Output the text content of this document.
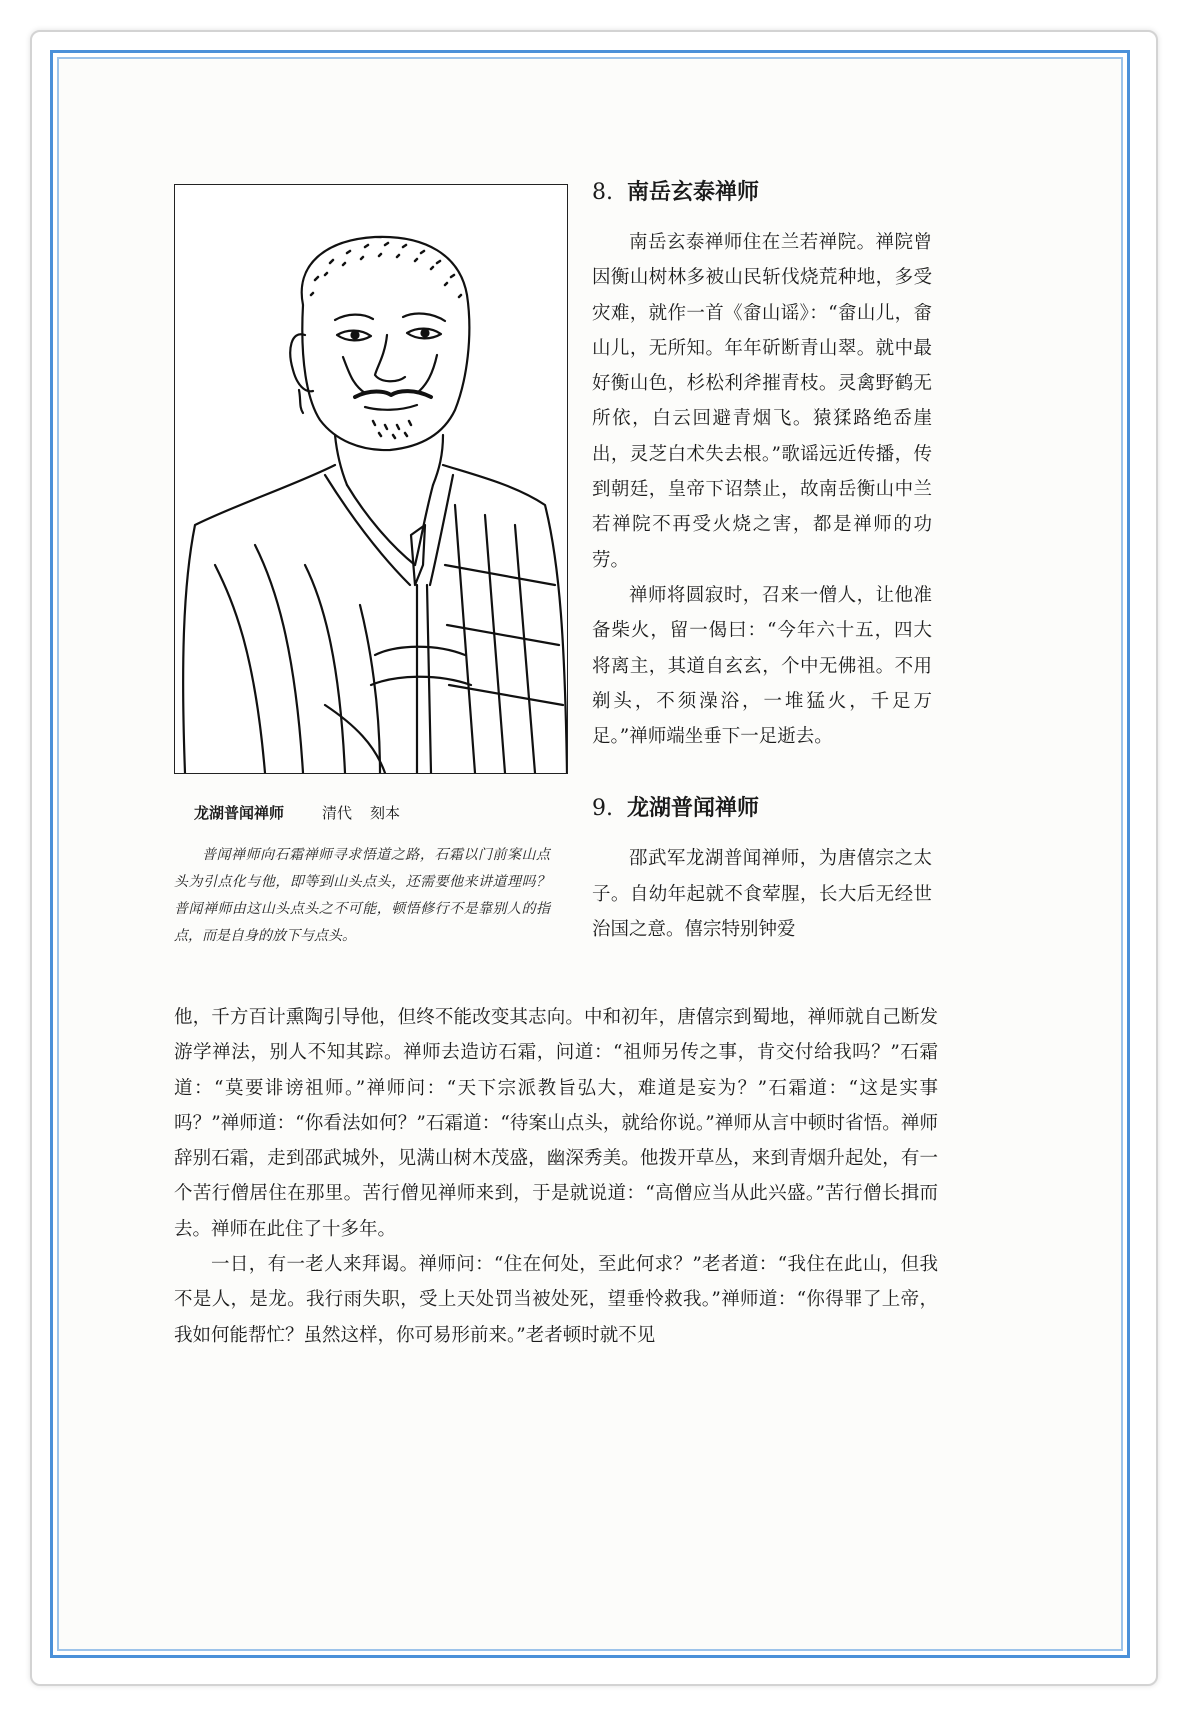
龙湖普闻禅师	清代 刻本

普闻禅师向石霜禅师寻求悟道之路，石霜以门前案山点头为引点化与他，即等到山头点头，还需要他来讲道理吗？普闻禅师由这山头点头之不可能，顿悟修行不是靠别人的指点，而是自身的放下与点头。

8. 南岳玄泰禅师

南岳玄泰禅师住在兰若禅院。禅院曾因衡山树林多被山民斩伐烧荒种地，多受灾难，就作一首《畲山谣》：“畲山儿，畲山儿，无所知。年年斫断青山翠。就中最好衡山色，杉松利斧摧青枝。灵禽野鹤无所依，白云回避青烟飞。猿猱路绝岙崖出，灵芝白术失去根。”歌谣远近传播，传到朝廷，皇帝下诏禁止，故南岳衡山中兰若禅院不再受火烧之害，都是禅师的功劳。

禅师将圆寂时，召来一僧人，让他准备柴火，留一偈曰：“今年六十五，四大将离主，其道自玄玄，个中无佛祖。不用剃头，不须澡浴，一堆猛火，千足万足。”禅师端坐垂下一足逝去。

9. 龙湖普闻禅师

邵武军龙湖普闻禅师，为唐僖宗之太子。自幼年起就不食荤腥，长大后无经世治国之意。僖宗特别钟爱

他，千方百计熏陶引导他，但终不能改变其志向。中和初年，唐僖宗到蜀地，禅师就自己断发游学禅法，别人不知其踪。禅师去造访石霜，问道：“祖师另传之事，肯交付给我吗？”石霜道：“莫要诽谤祖师。”禅师问：“天下宗派教旨弘大，难道是妄为？”石霜道：“这是实事吗？”禅师道：“你看法如何？”石霜道：“待案山点头，就给你说。”禅师从言中顿时省悟。禅师辞别石霜，走到邵武城外，见满山树木茂盛，幽深秀美。他拨开草丛，来到青烟升起处，有一个苦行僧居住在那里。苦行僧见禅师来到，于是就说道：“高僧应当从此兴盛。”苦行僧长揖而去。禅师在此住了十多年。

一日，有一老人来拜谒。禅师问：“住在何处，至此何求？”老者道：“我住在此山，但我不是人，是龙。我行雨失职，受上天处罚当被处死，望垂怜救我。”禅师道：“你得罪了上帝，我如何能帮忙？虽然这样，你可易形前来。”老者顿时就不见
